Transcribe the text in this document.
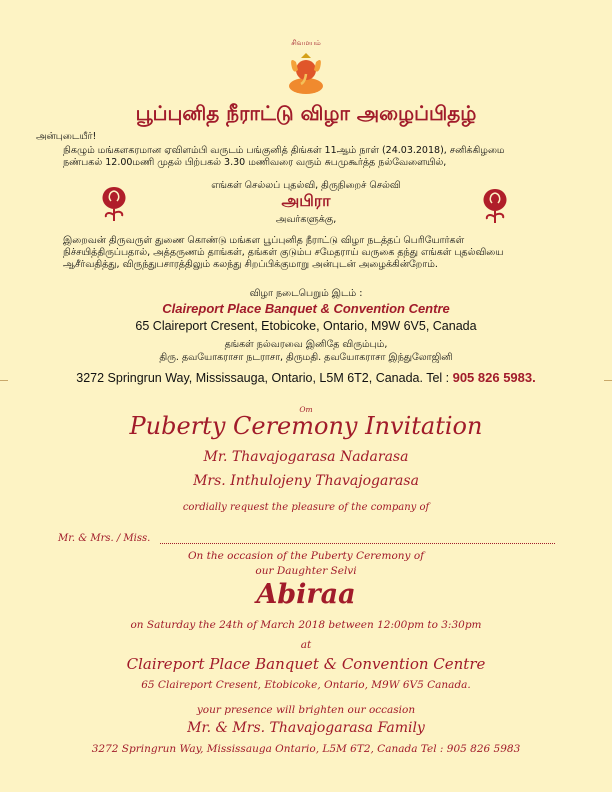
சிவமயம்
பூப்புனித நீராட்டு விழா அழைப்பிதழ்
அன்புடையீர்!
நிகழும் மங்களகரமான ஏவிளம்பி வருடம் பங்குனித் திங்கள் 11ஆம் நாள் (24.03.2018), சனிக்கிழமை
நண்பகல் 12.00மணி முதல் பிற்பகல் 3.30 மணிவரை வரும் சுபமுகூர்த்த நல்வேளையில்,
எங்கள் செல்லப் புதல்வி, திருநிறைச் செல்வி
அபிரா
அவர்களுக்கு,
இறைவன் திருவருள் துணை கொண்டு மங்கள பூப்புனித நீராட்டு விழா நடத்தப் பெரியோர்கள்
நிச்சயித்திருப்பதால், அத்தருணம் தாங்கள், தங்கள் குடும்ப சமேதராய் வருகை தந்து எங்கள் புதல்வியை
ஆசீர்வதித்து, விருந்துபசாரத்திலும் கலந்து சிறப்பிக்குமாறு அன்புடன் அழைக்கின்றோம்.
விழா நடைபெறும் இடம் :
Claireport Place Banquet & Convention Centre
65 Claireport Cresent, Etobicoke, Ontario, M9W 6V5, Canada
தங்கள் நல்வரவை இனிதே விரும்பும்,
திரு. தவயோகராசா நடராசா, திருமதி. தவயோகராசா இந்துலோஜினி
3272 Springrun Way, Mississauga, Ontario, L5M 6T2, Canada. Tel : 905 826 5983.
Om
Puberty Ceremony Invitation
Mr. Thavajogarasa Nadarasa
Mrs. Inthulojeny Thavajogarasa
cordially request the pleasure of the company of
Mr. & Mrs. / Miss.
On the occasion of the Puberty Ceremony of
our Daughter Selvi
Abiraa
on Saturday the 24th of March 2018 between 12:00pm to 3:30pm
at
Claireport Place Banquet & Convention Centre
65 Claireport Cresent, Etobicoke, Ontario, M9W 6V5 Canada.
your presence will brighten our occasion
Mr. & Mrs. Thavajogarasa Family
3272 Springrun Way, Mississauga Ontario, L5M 6T2, Canada Tel : 905 826 5983
